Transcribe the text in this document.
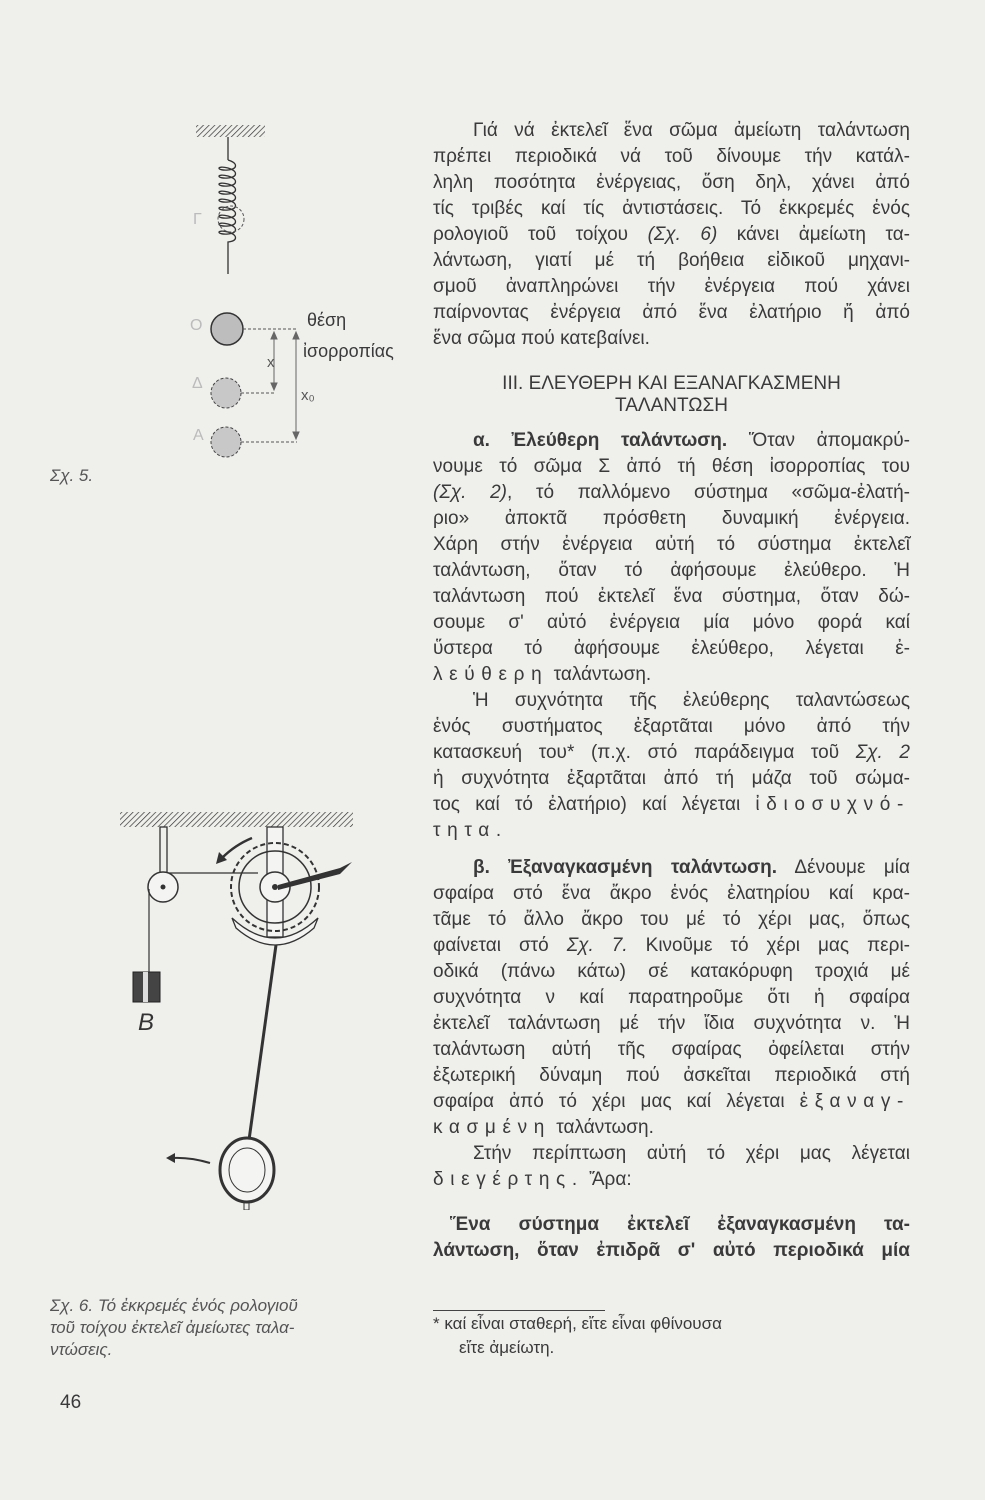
Γ
Ο
Δ
Α
x
x₀
θέση
ἰσορροπίας
Σχ. 5.
B
Σχ. 6. Τό ἐκκρεμές ἑνός ρολογιοῦ
τοῦ τοίχου ἐκτελεῖ ἀμείωτες ταλα-
ντώσεις.
Γιά νά ἐκτελεῖ ἕνα σῶμα ἀμείωτη ταλάντωση
πρέπει περιοδικά νά τοῦ δίνουμε τήν κατάλ-
ληλη ποσότητα ἐνέργειας, ὅση δηλ, χάνει ἀπό
τίς τριβές καί τίς ἀντιστάσεις. Τό ἐκκρεμές ἑνός
ρολογιοῦ τοῦ τοίχου (Σχ. 6) κάνει ἀμείωτη τα-
λάντωση, γιατί μέ τή βοήθεια εἰδικοῦ μηχανι-
σμοῦ ἀναπληρώνει τήν ἐνέργεια πού χάνει
παίρνοντας ἐνέργεια ἀπό ἕνα ἐλατήριο ἤ ἀπό
ἕνα σῶμα πού κατεβαίνει.
III. ΕΛΕΥΘΕΡΗ ΚΑΙ ΕΞΑΝΑΓΚΑΣΜΕΝΗ
ΤΑΛΑΝΤΩΣΗ
α. Ἐλεύθερη ταλάντωση. Ὅταν ἀπομακρύ-
νουμε τό σῶμα Σ ἀπό τή θέση ἰσορροπίας του
(Σχ. 2), τό παλλόμενο σύστημα «σῶμα-ἐλατή-
ριο» ἀποκτᾶ πρόσθετη δυναμική ἐνέργεια.
Χάρη στήν ἐνέργεια αὐτή τό σύστημα ἐκτελεῖ
ταλάντωση, ὅταν τό ἀφήσουμε ἐλεύθερο. Ἡ
ταλάντωση πού ἐκτελεῖ ἕνα σύστημα, ὅταν δώ-
σουμε σ' αὐτό ἐνέργεια μία μόνο φορά καί
ὕστερα τό ἀφήσουμε ἐλεύθερο, λέγεται ἐ-
λεύθερη ταλάντωση.
Ἡ συχνότητα τῆς ἐλεύθερης ταλαντώσεως
ἑνός συστήματος ἐξαρτᾶται μόνο ἀπό τήν
κατασκευή του* (π.χ. στό παράδειγμα τοῦ Σχ. 2
ἡ συχνότητα ἐξαρτᾶται ἀπό τή μάζα τοῦ σώμα-
τος καί τό ἐλατήριο) καί λέγεται ἰδιοσυχνό-
τητα.
β. Ἐξαναγκασμένη ταλάντωση. Δένουμε μία
σφαίρα στό ἕνα ἄκρο ἑνός ἐλατηρίου καί κρα-
τᾶμε τό ἄλλο ἄκρο του μέ τό χέρι μας, ὅπως
φαίνεται στό Σχ. 7. Κινοῦμε τό χέρι μας περι-
οδικά (πάνω κάτω) σέ κατακόρυφη τροχιά μέ
συχνότητα ν καί παρατηροῦμε ὅτι ἡ σφαίρα
ἐκτελεῖ ταλάντωση μέ τήν ἴδια συχνότητα ν. Ἡ
ταλάντωση αὐτή τῆς σφαίρας ὀφείλεται στήν
ἐξωτερική δύναμη πού ἀσκεῖται περιοδικά στή
σφαίρα ἀπό τό χέρι μας καί λέγεται ἐξαναγ-
κασμένη ταλάντωση.
Στήν περίπτωση αὐτή τό χέρι μας λέγεται
διεγέρτης. Ἄρα:
Ἕνα σύστημα ἐκτελεῖ ἐξαναγκασμένη τα-
λάντωση, ὅταν ἐπιδρᾶ σ' αὐτό περιοδικά μία
* καί εἶναι σταθερή, εἴτε εἶναι φθίνουσα
εἴτε ἀμείωτη.
46
